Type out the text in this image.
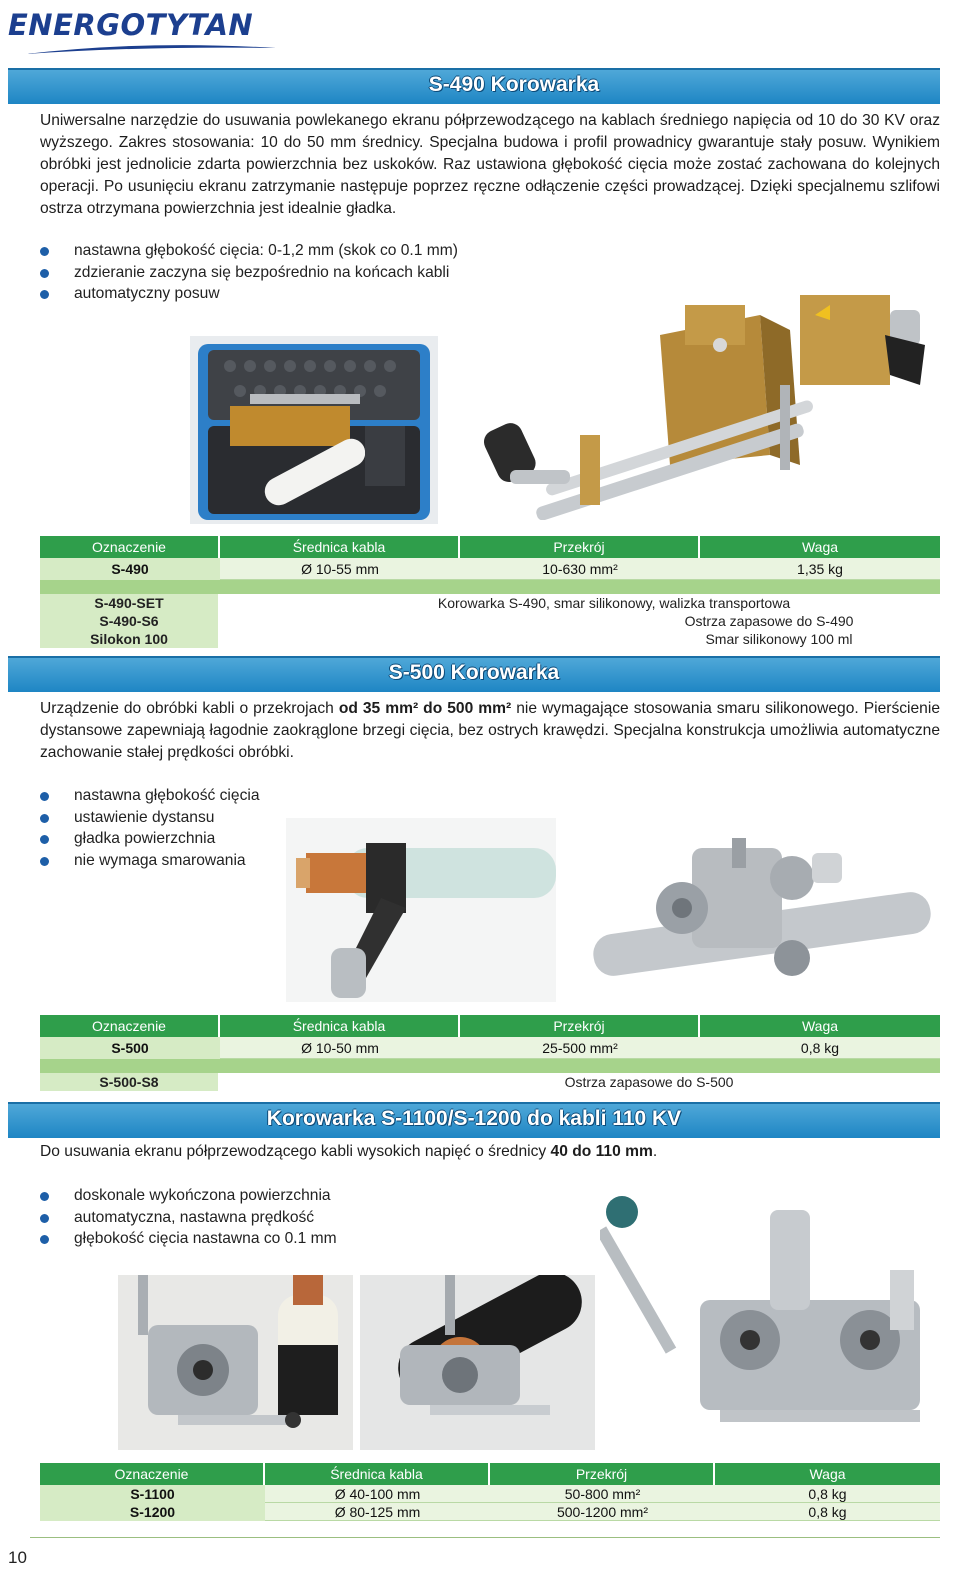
ENERGOTYTAN
S-490 Korowarka
Uniwersalne narzędzie do usuwania powlekanego ekranu półprzewodzącego na kablach średniego napięcia od 10 do 30 KV oraz wyższego. Zakres stosowania: 10 do 50 mm średnicy. Specjalna budowa i profil prowadnicy gwarantuje stały posuw. Wynikiem obróbki jest jednolicie zdarta powierzchnia bez uskoków. Raz ustawiona głębokość cięcia może zostać zachowana do kolejnych operacji. Po usunięciu ekranu zatrzymanie następuje poprzez ręczne odłączenie części prowadzącej. Dzięki specjalnemu szlifowi ostrza otrzymana powierzchnia jest idealnie gładka.
nastawna głębokość cięcia: 0-1,2 mm (skok co 0.1 mm)
zdzieranie zaczyna się bezpośrednio na końcach kabli
automatyczny posuw
Oznaczenie	Średnica kabla	Przekrój	Waga
S-490	Ø 10-55 mm	10-630 mm²	1,35 kg
S-490-SET	Korowarka S-490, smar silikonowy, walizka transportowa
S-490-S6	Ostrza zapasowe do S-490
Silokon 100	Smar silikonowy 100 ml
S-500 Korowarka
Urządzenie do obróbki kabli o przekrojach od 35 mm² do 500 mm² nie wymagające stosowania smaru silikonowego. Pierścienie dystansowe zapewniają łagodnie zaokrąglone brzegi cięcia, bez ostrych krawędzi. Specjalna konstrukcja umożliwia automatyczne zachowanie stałej prędkości obróbki.
nastawna głębokość cięcia
ustawienie dystansu
gładka powierzchnia
nie wymaga smarowania
Oznaczenie	Średnica kabla	Przekrój	Waga
S-500	Ø 10-50 mm	25-500 mm²	0,8 kg
S-500-S8	Ostrza zapasowe do S-500
Korowarka S-1100/S-1200 do kabli 110 KV
Do usuwania ekranu półprzewodzącego kabli wysokich napięć o średnicy 40 do 110 mm.
doskonale wykończona powierzchnia
automatyczna, nastawna prędkość
głębokość cięcia nastawna co 0.1 mm
Oznaczenie	Średnica kabla	Przekrój	Waga
S-1100	Ø 40-100 mm	50-800 mm²	0,8 kg
S-1200	Ø 80-125 mm	500-1200 mm²	0,8 kg
10
